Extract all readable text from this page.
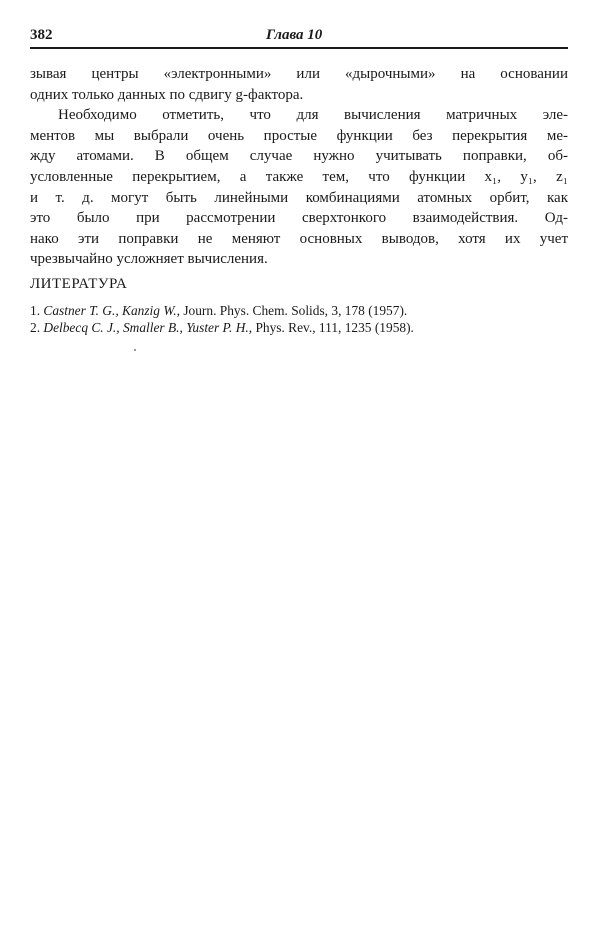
382	Глава 10
зывая центры «электронными» или «дырочными» на основании
одних только данных по сдвигу g-фактора.
Необходимо отметить, что для вычисления матричных эле-
ментов мы выбрали очень простые функции без перекрытия ме-
жду атомами. В общем случае нужно учитывать поправки, об-
условленные перекрытием, а также тем, что функции x₁, y₁, z₁
и т. д. могут быть линейными комбинациями атомных орбит, как
это было при рассмотрении сверхтонкого взаимодействия. Од-
нако эти поправки не меняют основных выводов, хотя их учет
чрезвычайно усложняет вычисления.
ЛИТЕРАТУРА
1. Castner T. G., Kanzig W., Journ. Phys. Chem. Solids, 3, 178 (1957).
2. Delbecq C. J., Smaller B., Yuster P. H., Phys. Rev., 111, 1235 (1958).
